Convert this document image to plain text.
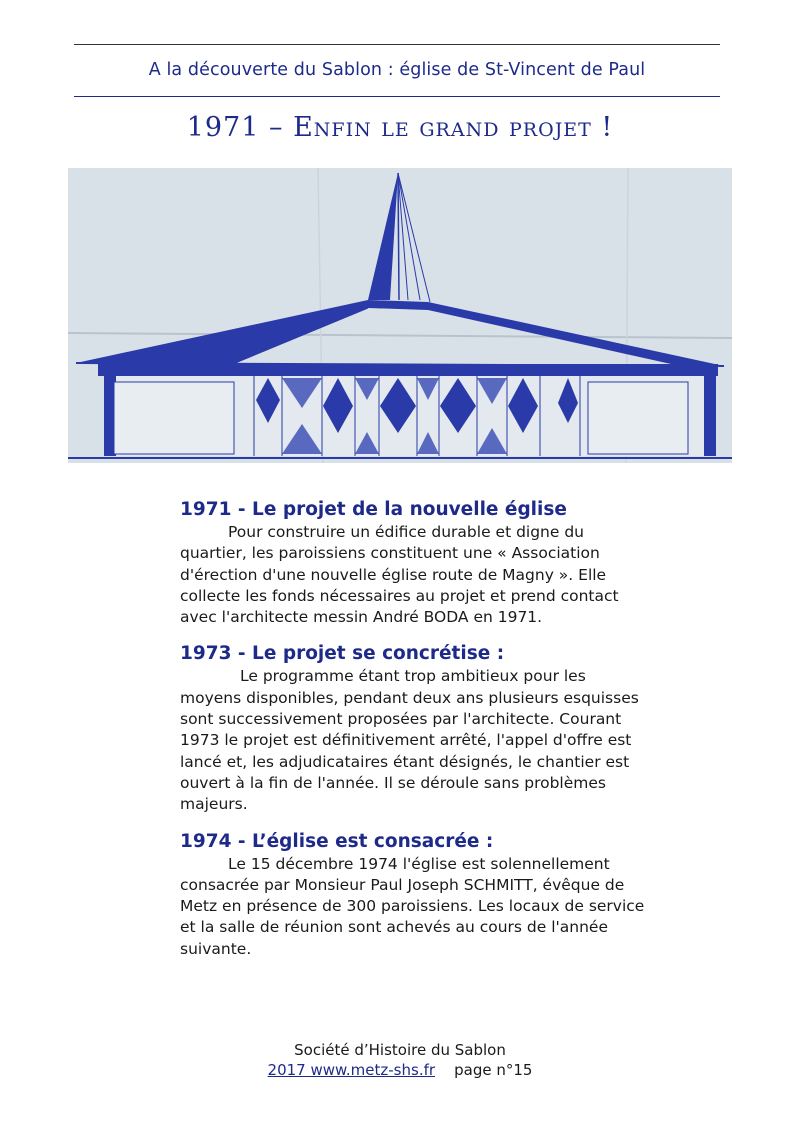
A la découverte du Sablon : église de St-Vincent de Paul
1971 – Enfin le grand projet !
1971 - Le projet de la nouvelle église

Pour construire un édifice durable et digne du quartier, les paroissiens constituent une « Association d'érection d'une nouvelle église route de Magny ». Elle collecte les fonds nécessaires au projet et prend contact avec l'architecte messin André BODA en 1971.

1973 - Le projet se concrétise :

Le programme étant trop ambitieux pour les moyens disponibles, pendant deux ans plusieurs esquisses sont successivement proposées par l'architecte. Courant 1973 le projet est définitivement arrêté, l'appel d'offre est lancé et, les adjudicataires étant désignés, le chantier est ouvert à la fin de l'année. Il se déroule sans problèmes majeurs.

1974 - L’église est consacrée :

Le 15 décembre 1974 l'église est solennellement consacrée par Monsieur Paul Joseph SCHMITT, évêque de Metz en présence de 300 paroissiens. Les locaux de service et la salle de réunion sont achevés au cours de l'année suivante.

Société d’Histoire du Sablon
2017 www.metz-shs.fr page n°15
